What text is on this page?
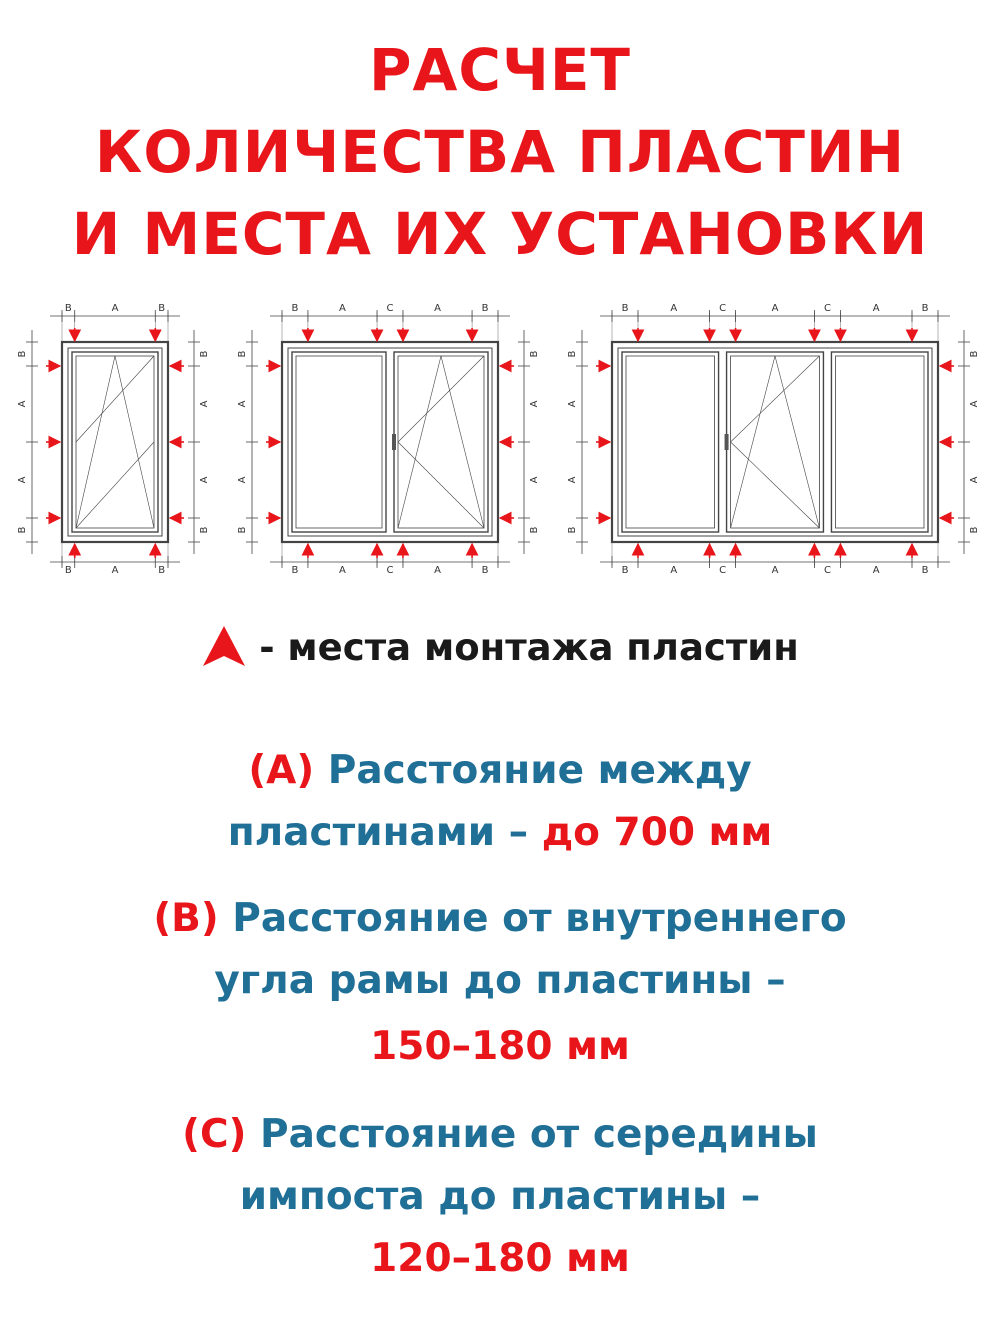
РАСЧЕТ
КОЛИЧЕСТВА ПЛАСТИН
И МЕСТА ИХ УСТАНОВКИ
B	A	B
B	A	B
B
A
A
B
B
A
A
B
B	A	A
C	B
B	A	A
C	B
B
A
A
B
B
A
A
B
B	A	A	A
C	C	B
B	A	A	A
C	C	B
B
A
A
B
B
A
A
B
- места монтажа пластин
(A) Расстояние между
пластинами – до 700 мм
(B) Расстояние от внутреннего
угла рамы до пластины –
150–180 мм
(C) Расстояние от середины
импоста до пластины –
120–180 мм
